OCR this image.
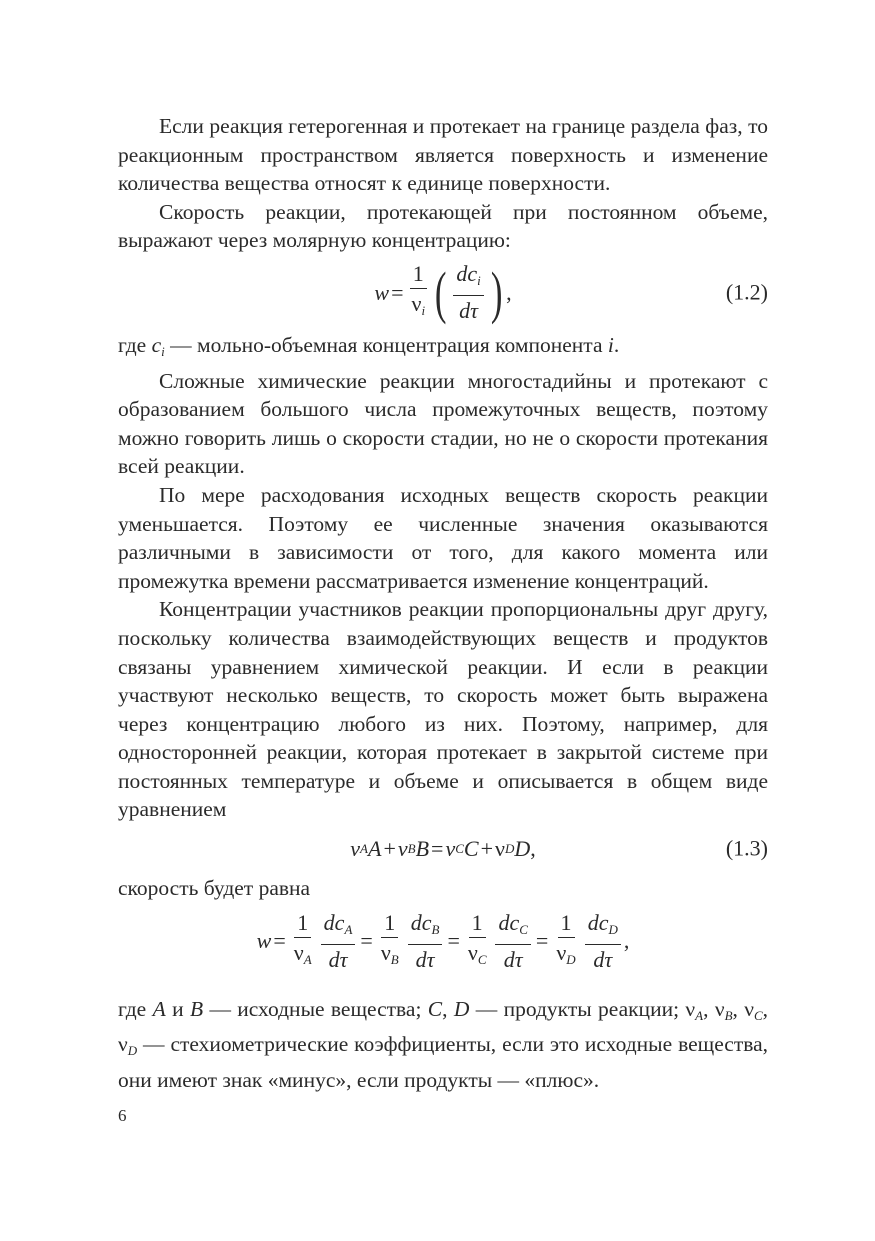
Если реакция гетерогенная и протекает на границе раздела фаз, то реакционным пространством является поверхность и изменение количества вещества относят к единице поверхности.

Скорость реакции, протекающей при постоянном объеме, выражают через молярную концентрацию:

$w = \frac{1}{\nu_i}$ ( $\frac{dc_i}{d\tau}$ ) ,	(1.2)

где $c_i$ — мольно-объемная концентрация компонента i.

Сложные химические реакции многостадийны и протекают с образованием большого числа промежуточных веществ, поэтому можно говорить лишь о скорости стадии, но не о скорости протекания всей реакции.

По мере расходования исходных веществ скорость реакции уменьшается. Поэтому ее численные значения оказываются различными в зависимости от того, для какого момента или промежутка времени рассматривается изменение концентраций.

Концентрации участников реакции пропорциональны друг другу, поскольку количества взаимодействующих веществ и продуктов связаны уравнением химической реакции. И если в реакции участвуют несколько веществ, то скорость может быть выражена через концентрацию любого из них. Поэтому, например, для односторонней реакции, которая протекает в закрытой системе при постоянных температуре и объеме и описывается в общем виде уравнением

v A A + v B B = v C C + ν D D ,	(1.3)

скорость будет равна

$w = \frac{1}{\nu_A} \frac{dc_A}{d\tau} = \frac{1}{\nu_B} \frac{dc_B}{d\tau} = \frac{1}{\nu_C} \frac{dc_C}{d\tau} = \frac{1}{\nu_D} \frac{dc_D}{d\tau}$ ,

где A и B — исходные вещества; C, D — продукты реакции; $\nu_A$, $\nu_B$, $\nu_C$, $\nu_D$ — стехиометрические коэффициенты, если это исходные вещества, они имеют знак «минус», если продукты — «плюс».

6
